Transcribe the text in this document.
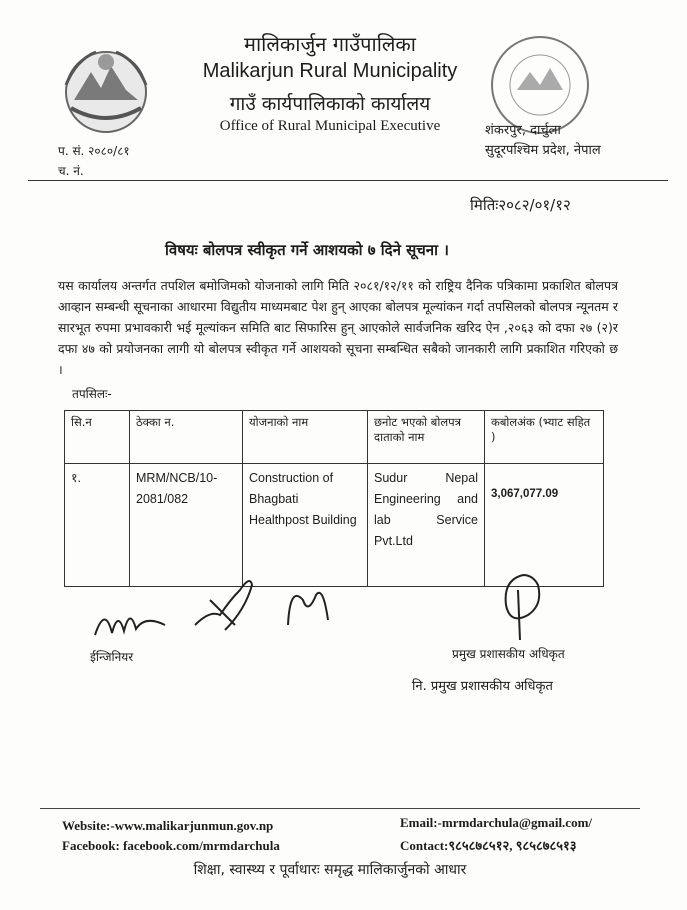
मालिकार्जुन गाउँपालिका
Malikarjun Rural Municipality
गाउँ कार्यपालिकाको कार्यालय
Office of Rural Municipal Executive	शंकरपुर, दार्चुला
सुदूरपश्चिम प्रदेश, नेपाल
प. सं. २०८०/८१
च. नं.
मितिः२०८२/०१/१२
विषयः बोलपत्र स्वीकृत गर्ने आशयको ७ दिने सूचना ।
यस कार्यालय अन्तर्गत तपशिल बमोजिमको योजनाको लागि मिति २०८१/१२/११ को राष्ट्रिय दैनिक पत्रिकामा प्रकाशित बोलपत्र आव्हान सम्बन्धी सूचनाका आधारमा विद्युतीय माध्यमबाट पेश हुन् आएका बोलपत्र मूल्यांकन गर्दा तपसिलको बोलपत्र न्यूनतम र सारभूत रुपमा प्रभावकारी भई मूल्यांकन समिति बाट सिफारिस हुन् आएकोले सार्वजनिक खरिद ऐन ,२०६३ को दफा २७ (२)र दफा ४७ को प्रयोजनका लागी यो बोलपत्र स्वीकृत गर्ने आशयको सूचना सम्बन्धित सबैको जानकारी लागि प्रकाशित गरिएको छ ।
तपसिलः-
सि.न	ठेक्का न.	योजनाको नाम	छनोट भएको बोलपत्र दाताको नाम	कबोलअंक (भ्याट सहित )
१.	MRM/NCB/10-2081/082	Construction of Bhagbati Healthpost Building	Sudur Nepal Engineering and lab Service Pvt.Ltd	3,067,077.09
ईन्जिनियर	प्रमुख प्रशासकीय अधिकृत
नि. प्रमुख प्रशासकीय अधिकृत
Website:-www.malikarjunmun.gov.np
Facebook: facebook.com/mrmdarchula
Email:-mrmdarchula@gmail.com/
Contact:९८५८७८५१२, ९८५८७८५१३
शिक्षा, स्वास्थ्य र पूर्वाधारः समृद्ध मालिकार्जुनको आधार
